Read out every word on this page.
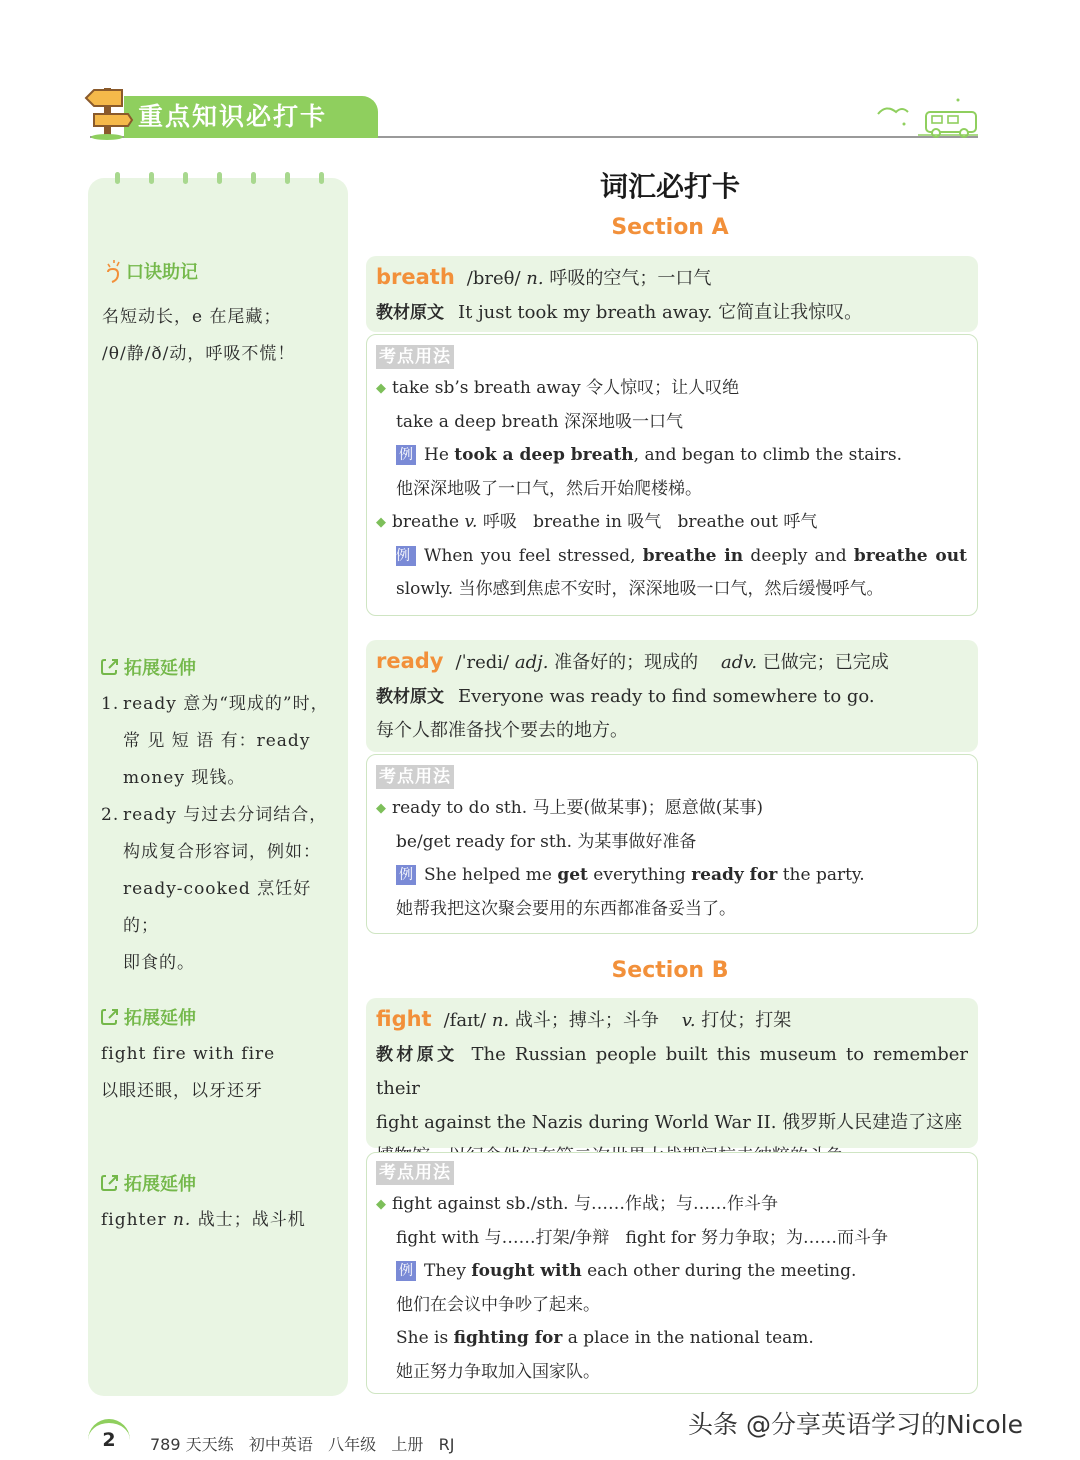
重点知识必打卡
口诀助记
名短动长，e 在尾藏；
/θ/静/ð/动，呼吸不慌！
拓展延伸
1. ready 意为“现成的”时，
常 见 短 语 有：ready
money 现钱。
2. ready 与过去分词结合，
构成复合形容词，例如：
ready-cooked 烹饪好的；
即食的。
拓展延伸
fight fire with fire
以眼还眼，以牙还牙
拓展延伸
fighter n. 战士；战斗机
词汇必打卡
Section A
breath /breθ/ n. 呼吸的空气；一口气
教材原文 It just took my breath away. 它简直让我惊叹。
考点用法
◆ take sb’s breath away 令人惊叹；让人叹绝
take a deep breath 深深地吸一口气
例 He took a deep breath, and began to climb the stairs.
他深深地吸了一口气，然后开始爬楼梯。
◆ breathe v. 呼吸   breathe in 吸气   breathe out 呼气
例 When you feel stressed, breathe in deeply and breathe out
slowly. 当你感到焦虑不安时，深深地吸一口气，然后缓慢呼气。
ready /ˈredi/ adj. 准备好的；现成的 adv. 已做完；已完成
教材原文 Everyone was ready to find somewhere to go.
每个人都准备找个要去的地方。
考点用法
◆ ready to do sth. 马上要(做某事)；愿意做(某事)
be/get ready for sth. 为某事做好准备
例 She helped me get everything ready for the party.
她帮我把这次聚会要用的东西都准备妥当了。
Section B
fight /faɪt/ n. 战斗；搏斗；斗争 v. 打仗；打架
教材原文 The Russian people built this museum to remember their
fight against the Nazis during World War II. 俄罗斯人民建造了这座
考点用法
◆ fight against sb./sth. 与……作战；与……作斗争
fight with 与……打架/争辩   fight for 努力争取；为……而斗争
例 They fought with each other during the meeting.
他们在会议中争吵了起来。
She is fighting for a place in the national team.
她正努力争取加入国家队。
2	789 天天练   初中英语   八年级   上册   RJ
头条 @分享英语学习的Nicole
